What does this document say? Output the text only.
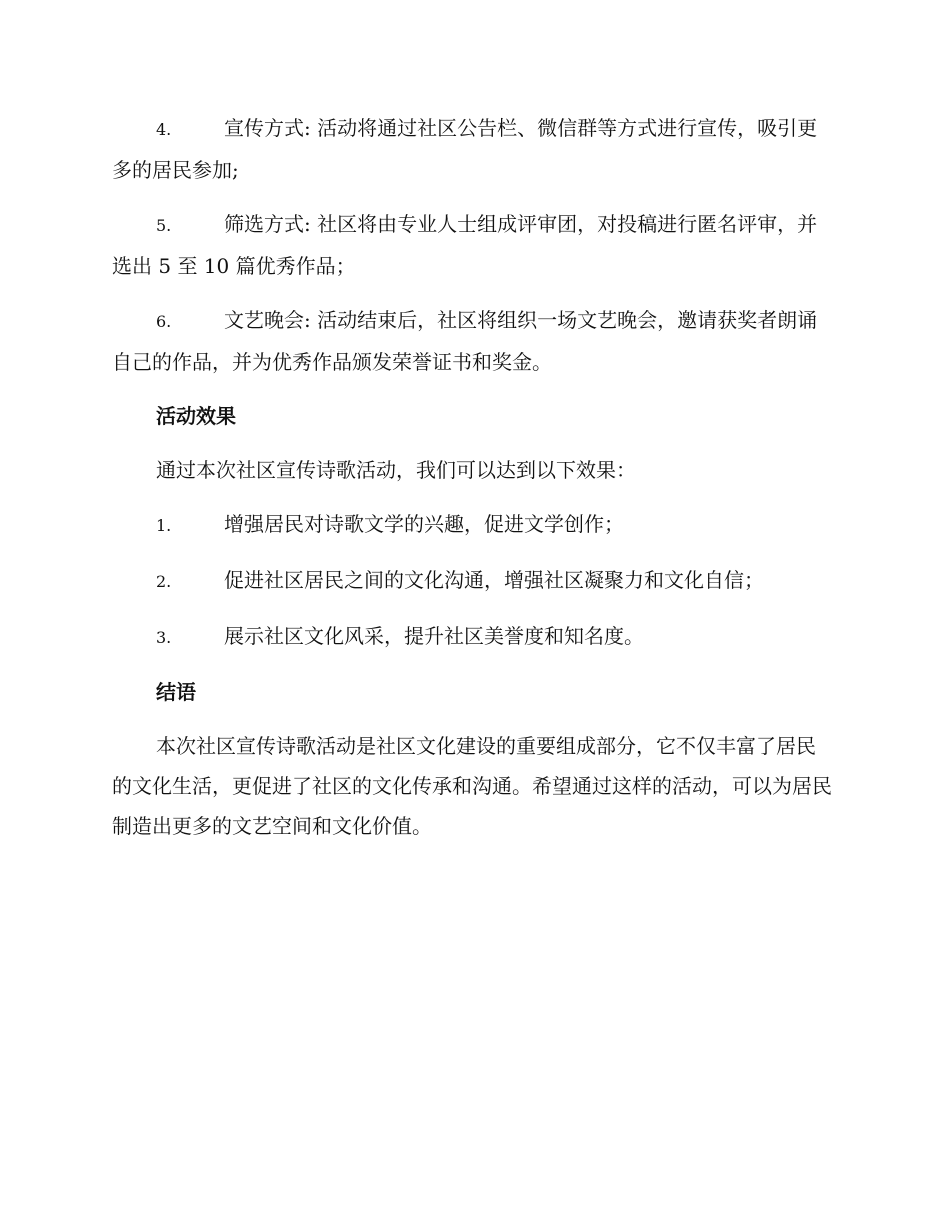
4.	宣传方式: 活动将通过社区公告栏、微信群等方式进行宣传，吸引更多的居民参加;
5.	筛选方式: 社区将由专业人士组成评审团，对投稿进行匿名评审，并选出 5 至 10 篇优秀作品；
6.	文艺晚会: 活动结束后，社区将组织一场文艺晚会，邀请获奖者朗诵自己的作品，并为优秀作品颁发荣誉证书和奖金。
活动效果
通过本次社区宣传诗歌活动，我们可以达到以下效果：
1.	增强居民对诗歌文学的兴趣，促进文学创作；
2.	促进社区居民之间的文化沟通，增强社区凝聚力和文化自信；
3.	展示社区文化风采，提升社区美誉度和知名度。
结语
本次社区宣传诗歌活动是社区文化建设的重要组成部分，它不仅丰富了居民的文化生活，更促进了社区的文化传承和沟通。希望通过这样的活动，可以为居民制造出更多的文艺空间和文化价值。
